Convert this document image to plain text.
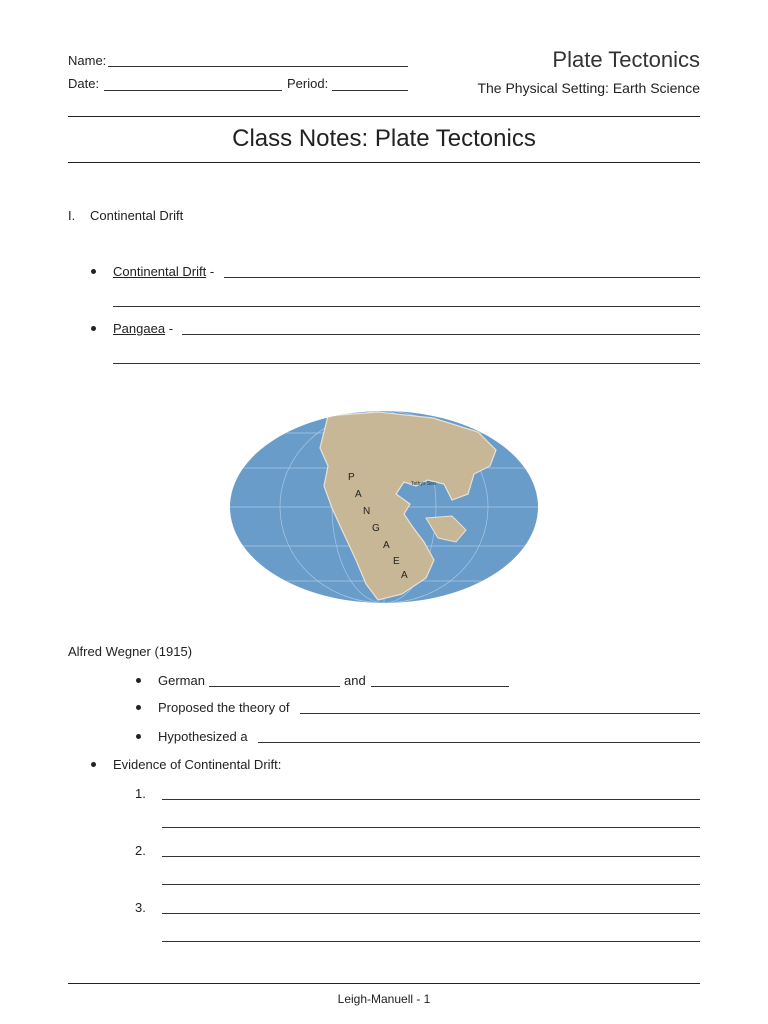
Name:
Date:	Period:
Plate Tectonics
The Physical Setting: Earth Science
Class Notes: Plate Tectonics
I. Continental Drift
Continental Drift -
Pangaea -
P
A
N
G
A
E
A
Tethys Sea
Alfred Wegner (1915)
German	and
Proposed the theory of
Hypothesized a
Evidence of Continental Drift:
1.
2.
3.
Leigh-Manuell - 1
